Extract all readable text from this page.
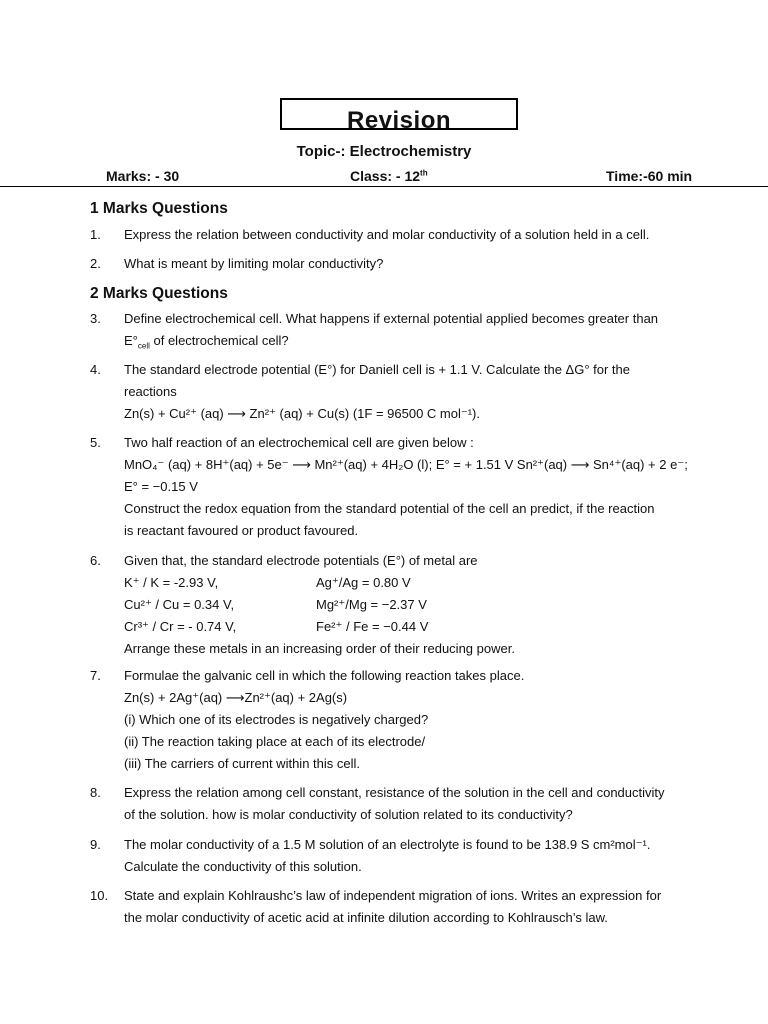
Revision
Topic-: Electrochemistry
Marks: - 30	Class: - 12th	Time:-60 min
1 Marks Questions
1.	Express the relation between conductivity and molar conductivity of a solution held in a cell.
2.	What is meant by limiting molar conductivity?
2 Marks Questions
3.	Define electrochemical cell. What happens if external potential applied becomes greater than
$E^\circ_{cell}$ of electrochemical cell?
4.	The standard electrode potential (E°) for Daniell cell is + 1.1 V. Calculate the ΔG° for the
reactions
Zn(s) + Cu²⁺ (aq) ⟶ Zn²⁺ (aq) + Cu(s) (1F = 96500 C mol⁻¹).
5.	Two half reaction of an electrochemical cell are given below :
MnO₄⁻ (aq) + 8H⁺(aq) + 5e⁻ ⟶ Mn²⁺(aq) + 4H₂O (l); E° = + 1.51 V Sn²⁺(aq) ⟶ Sn⁴⁺(aq) + 2 e⁻;
E° = −0.15 V
Construct the redox equation from the standard potential of the cell an predict, if the reaction
is reactant favoured or product favoured.
6.	Given that, the standard electrode potentials (E°) of metal are
K⁺ / K = -2.93 V,	Ag⁺/Ag = 0.80 V
Cu²⁺ / Cu = 0.34 V,	Mg²⁺/Mg = −2.37 V
Cr³⁺ / Cr = - 0.74 V,	Fe²⁺ / Fe = −0.44 V
Arrange these metals in an increasing order of their reducing power.
7.	Formulae the galvanic cell in which the following reaction takes place.
Zn(s) + 2Ag⁺(aq) ⟶Zn²⁺(aq) + 2Ag(s)
(i) Which one of its electrodes is negatively charged?
(ii) The reaction taking place at each of its electrode/
(iii) The carriers of current within this cell.
8.	Express the relation among cell constant, resistance of the solution in the cell and conductivity
of the solution. how is molar conductivity of solution related to its conductivity?
9.	The molar conductivity of a 1.5 M solution of an electrolyte is found to be 138.9 S cm²mol⁻¹.
Calculate the conductivity of this solution.
10.	State and explain Kohlraushc’s law of independent migration of ions. Writes an expression for
the molar conductivity of acetic acid at infinite dilution according to Kohlrausch’s law.
